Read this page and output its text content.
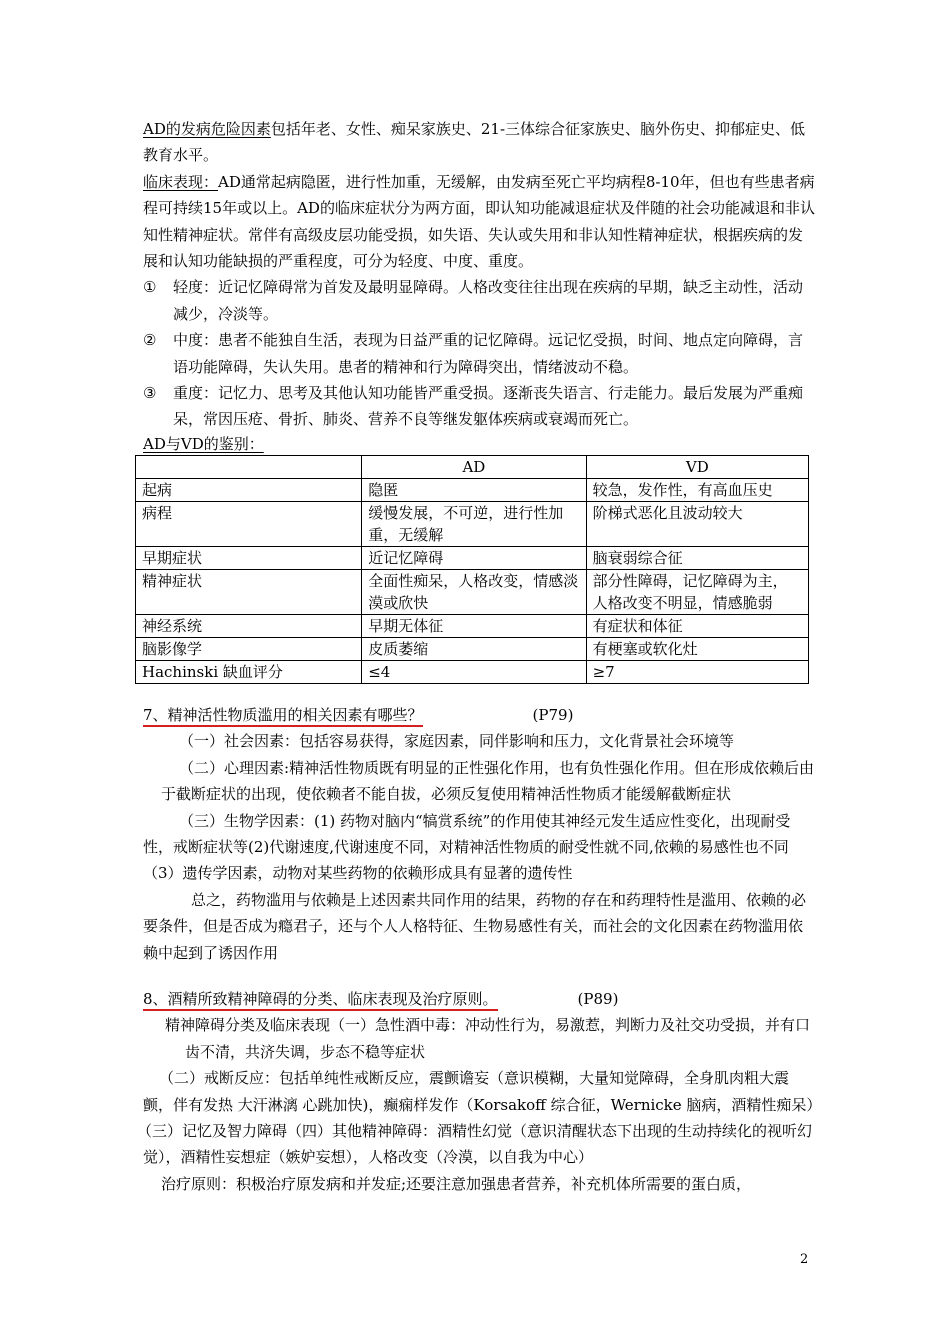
AD的发病危险因素包括年老、女性、痴呆家族史、21-三体综合征家族史、脑外伤史、抑郁症史、低教育水平。

临床表现：AD通常起病隐匿，进行性加重，无缓解，由发病至死亡平均病程8-10年，但也有些患者病程可持续15年或以上。AD的临床症状分为两方面，即认知功能减退症状及伴随的社会功能减退和非认知性精神症状。常伴有高级皮层功能受损，如失语、失认或失用和非认知性精神症状，根据疾病的发展和认知功能缺损的严重程度，可分为轻度、中度、重度。

①	轻度：近记忆障碍常为首发及最明显障碍。人格改变往往出现在疾病的早期，缺乏主动性，活动减少，冷淡等。
②	中度：患者不能独自生活，表现为日益严重的记忆障碍。远记忆受损，时间、地点定向障碍，言语功能障碍，失认失用。患者的精神和行为障碍突出，情绪波动不稳。
③	重度：记忆力、思考及其他认知功能皆严重受损。逐渐丧失语言、行走能力。最后发展为严重痴呆，常因压疮、骨折、肺炎、营养不良等继发躯体疾病或衰竭而死亡。

AD与VD的鉴别：

	AD	VD
起病	隐匿	较急，发作性，有高血压史
病程	缓慢发展，不可逆，进行性加重，无缓解	阶梯式恶化且波动较大
早期症状	近记忆障碍	脑衰弱综合征
精神症状	全面性痴呆，人格改变，情感淡漠或欣快	部分性障碍，记忆障碍为主，人格改变不明显，情感脆弱
神经系统	早期无体征	有症状和体征
脑影像学	皮质萎缩	有梗塞或软化灶
Hachinski 缺血评分	≤4	≥7

7、精神活性物质滥用的相关因素有哪些？	(P79)

（一）社会因素：包括容易获得，家庭因素，同伴影响和压力，文化背景社会环境等

（二）心理因素:精神活性物质既有明显的正性强化作用，也有负性强化作用。但在形成依赖后由于截断症状的出现，使依赖者不能自拔，必须反复使用精神活性物质才能缓解截断症状

（三）生物学因素：(1) 药物对脑内“犒赏系统”的作用使其神经元发生适应性变化，出现耐受性，戒断症状等(2)代谢速度,代谢速度不同，对精神活性物质的耐受性就不同,依赖的易感性也不同（3）遗传学因素，动物对某些药物的依赖形成具有显著的遗传性

总之，药物滥用与依赖是上述因素共同作用的结果，药物的存在和药理特性是滥用、依赖的必要条件，但是否成为瘾君子，还与个人人格特征、生物易感性有关，而社会的文化因素在药物滥用依赖中起到了诱因作用

8、酒精所致精神障碍的分类、临床表现及治疗原则。	(P89)

精神障碍分类及临床表现（一）急性酒中毒：冲动性行为，易激惹，判断力及社交功受损，并有口齿不清，共济失调，步态不稳等症状

（二）戒断反应：包括单纯性戒断反应，震颤谵妄（意识模糊，大量知觉障碍，全身肌肉粗大震颤，伴有发热 大汗淋漓 心跳加快)，癫痫样发作（Korsakoff 综合征，Wernicke 脑病，酒精性痴呆）

（三）记忆及智力障碍（四）其他精神障碍：酒精性幻觉（意识清醒状态下出现的生动持续化的视听幻觉），酒精性妄想症（嫉妒妄想），人格改变（冷漠，以自我为中心）

治疗原则：积极治疗原发病和并发症;还要注意加强患者营养，补充机体所需要的蛋白质，

2
